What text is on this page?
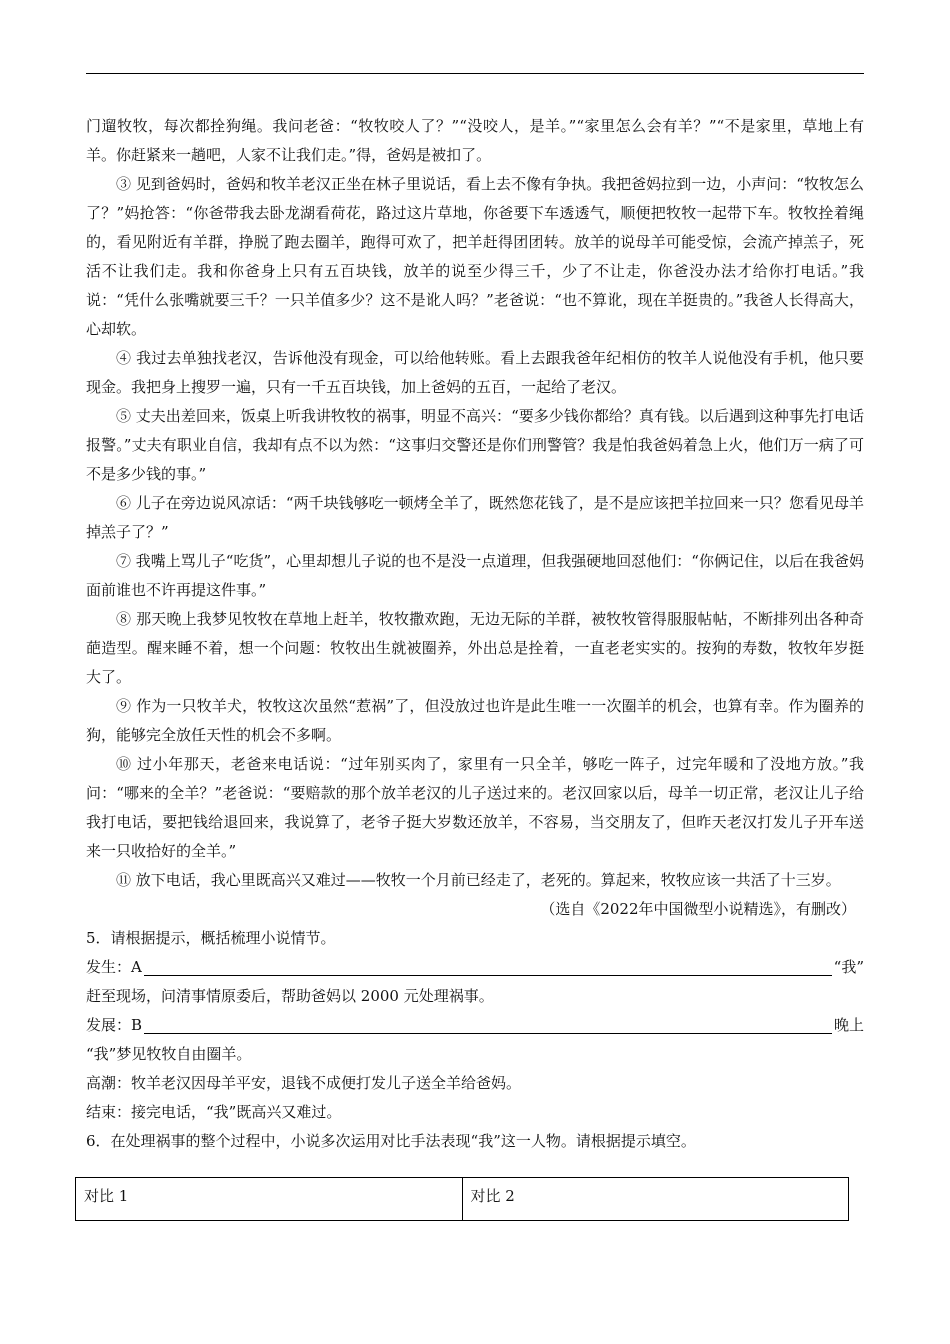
门遛牧牧，每次都拴狗绳。我问老爸：“牧牧咬人了？”“没咬人，是羊。”“家里怎么会有羊？”“不是家里，草地上有羊。你赶紧来一趟吧，人家不让我们走。”得，爸妈是被扣了。

③ 见到爸妈时，爸妈和牧羊老汉正坐在林子里说话，看上去不像有争执。我把爸妈拉到一边，小声问：“牧牧怎么了？”妈抢答：“你爸带我去卧龙湖看荷花，路过这片草地，你爸要下车透透气，顺便把牧牧一起带下车。牧牧拴着绳的，看见附近有羊群，挣脱了跑去圈羊，跑得可欢了，把羊赶得团团转。放羊的说母羊可能受惊，会流产掉羔子，死活不让我们走。我和你爸身上只有五百块钱，放羊的说至少得三千，少了不让走，你爸没办法才给你打电话。”我说：“凭什么张嘴就要三千？一只羊值多少？这不是讹人吗？”老爸说：“也不算讹，现在羊挺贵的。”我爸人长得高大，心却软。

④ 我过去单独找老汉，告诉他没有现金，可以给他转账。看上去跟我爸年纪相仿的牧羊人说他没有手机，他只要现金。我把身上搜罗一遍，只有一千五百块钱，加上爸妈的五百，一起给了老汉。

⑤ 丈夫出差回来，饭桌上听我讲牧牧的祸事，明显不高兴：“要多少钱你都给？真有钱。以后遇到这种事先打电话报警。”丈夫有职业自信，我却有点不以为然：“这事归交警还是你们刑警管？我是怕我爸妈着急上火，他们万一病了可不是多少钱的事。”

⑥ 儿子在旁边说风凉话：“两千块钱够吃一顿烤全羊了，既然您花钱了，是不是应该把羊拉回来一只？您看见母羊掉羔子了？”

⑦ 我嘴上骂儿子“吃货”，心里却想儿子说的也不是没一点道理，但我强硬地回怼他们：“你俩记住，以后在我爸妈面前谁也不许再提这件事。”

⑧ 那天晚上我梦见牧牧在草地上赶羊，牧牧撒欢跑，无边无际的羊群，被牧牧管得服服帖帖，不断排列出各种奇葩造型。醒来睡不着，想一个问题：牧牧出生就被圈养，外出总是拴着，一直老老实实的。按狗的寿数，牧牧年岁挺大了。

⑨ 作为一只牧羊犬，牧牧这次虽然“惹祸”了，但没放过也许是此生唯一一次圈羊的机会，也算有幸。作为圈养的狗，能够完全放任天性的机会不多啊。

⑩ 过小年那天，老爸来电话说：“过年别买肉了，家里有一只全羊，够吃一阵子，过完年暖和了没地方放。”我问：“哪来的全羊？”老爸说：“要赔款的那个放羊老汉的儿子送过来的。老汉回家以后，母羊一切正常，老汉让儿子给我打电话，要把钱给退回来，我说算了，老爷子挺大岁数还放羊，不容易，当交朋友了，但昨天老汉打发儿子开车送来一只收拾好的全羊。”

⑪ 放下电话，我心里既高兴又难过——牧牧一个月前已经走了，老死的。算起来，牧牧应该一共活了十三岁。

（选自《2022年中国微型小说精选》，有删改）

5．请根据提示，概括梳理小说情节。

发生：A	“我”

赶至现场，问清事情原委后，帮助爸妈以 2000 元处理祸事。

发展：B	晚上

“我”梦见牧牧自由圈羊。

高潮：牧羊老汉因母羊平安，退钱不成便打发儿子送全羊给爸妈。

结束：接完电话，“我”既高兴又难过。

6．在处理祸事的整个过程中，小说多次运用对比手法表现“我”这一人物。请根据提示填空。

对比 1	对比 2
